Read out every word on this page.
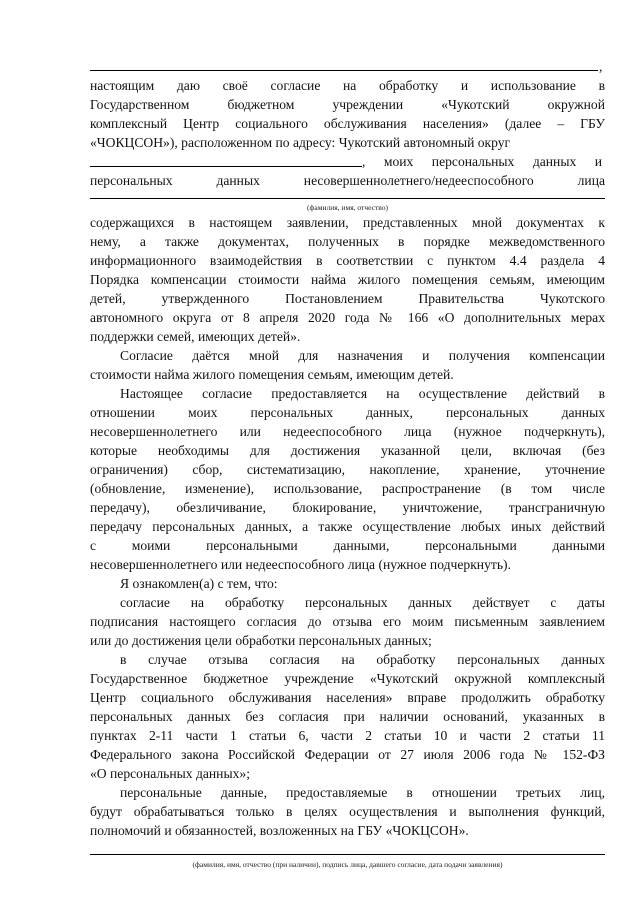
,
настоящим даю своё согласие на обработку и использование в
Государственном бюджетном учреждении «Чукотский окружной
комплексный Центр социального обслуживания населения» (далее – ГБУ
«ЧОКЦСОН»), расположенном по адресу: Чукотский автономный округ
, моих персональных данных и
персональных данных несовершеннолетнего/недееспособного лица
(фамилия, имя, отчество)
содержащихся в настоящем заявлении, представленных мной документах к
нему, а также документах, полученных в порядке межведомственного
информационного взаимодействия в соответствии с пунктом 4.4 раздела 4
Порядка компенсации стоимости найма жилого помещения семьям, имеющим
детей, утвержденного Постановлением Правительства Чукотского
автономного округа от 8 апреля 2020 года № 166 «О дополнительных мерах
поддержки семей, имеющих детей».
Согласие даётся мной для назначения и получения компенсации
стоимости найма жилого помещения семьям, имеющим детей.
Настоящее согласие предоставляется на осуществление действий в
отношении моих персональных данных, персональных данных
несовершеннолетнего или недееспособного лица (нужное подчеркнуть),
которые необходимы для достижения указанной цели, включая (без
ограничения) сбор, систематизацию, накопление, хранение, уточнение
(обновление, изменение), использование, распространение (в том числе
передачу), обезличивание, блокирование, уничтожение, трансграничную
передачу персональных данных, а также осуществление любых иных действий
с моими персональными данными, персональными данными
несовершеннолетнего или недееспособного лица (нужное подчеркнуть).
Я ознакомлен(а) с тем, что:
согласие на обработку персональных данных действует с даты
подписания настоящего согласия до отзыва его моим письменным заявлением
или до достижения цели обработки персональных данных;
в случае отзыва согласия на обработку персональных данных
Государственное бюджетное учреждение «Чукотский окружной комплексный
Центр социального обслуживания населения» вправе продолжить обработку
персональных данных без согласия при наличии оснований, указанных в
пунктах 2-11 части 1 статьи 6, части 2 статьи 10 и части 2 статьи 11
Федерального закона Российской Федерации от 27 июля 2006 года № 152-ФЗ
«О персональных данных»;
персональные данные, предоставляемые в отношении третьих лиц,
будут обрабатываться только в целях осуществления и выполнения функций,
полномочий и обязанностей, возложенных на ГБУ «ЧОКЦСОН».
(фамилия, имя, отчество (при наличии), подпись лица, давшего согласие, дата подачи заявления)
